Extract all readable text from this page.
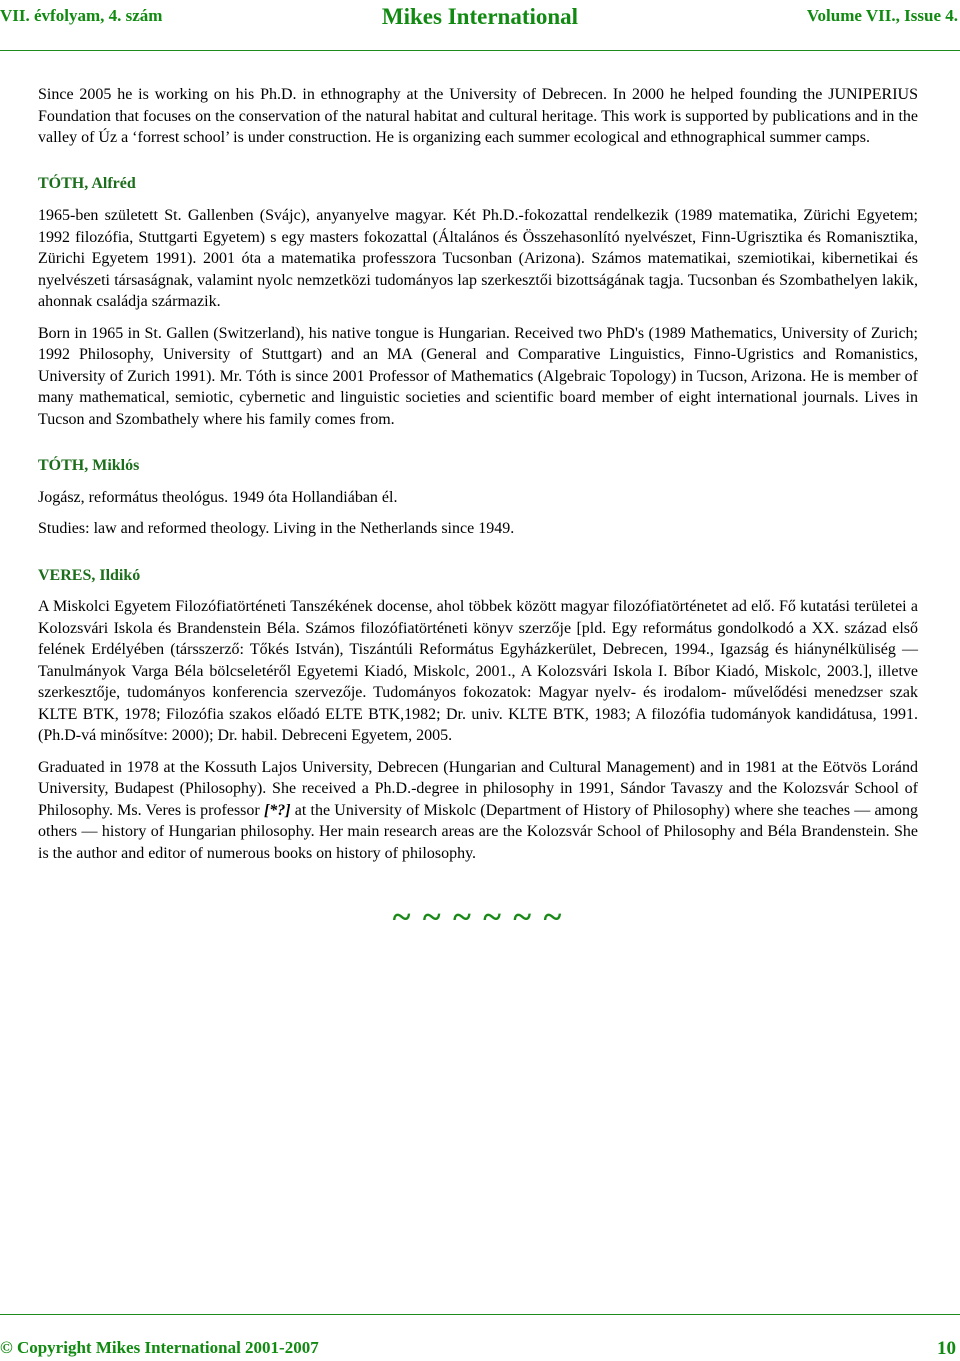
VII. évfolyam, 4. szám	Mikes International	Volume VII., Issue 4.

Since 2005 he is working on his Ph.D. in ethnography at the University of Debrecen. In 2000 he helped founding the JUNIPERIUS Foundation that focuses on the conservation of the natural habitat and cultural heritage. This work is supported by publications and in the valley of Úz a ‘forrest school’ is under construction. He is organizing each summer ecological and ethnographical summer camps.

TÓTH, Alfréd

1965-ben született St. Gallenben (Svájc), anyanyelve magyar. Két Ph.D.-fokozattal rendelkezik (1989 matematika, Zürichi Egyetem; 1992 filozófia, Stuttgarti Egyetem) s egy masters fokozattal (Általános és Összehasonlító nyelvészet, Finn-Ugrisztika és Romanisztika, Zürichi Egyetem 1991). 2001 óta a matematika professzora Tucsonban (Arizona). Számos matematikai, szemiotikai, kibernetikai és nyelvészeti társaságnak, valamint nyolc nemzetközi tudományos lap szerkesztői bizottságának tagja. Tucsonban és Szombathelyen lakik, ahonnak családja származik.

Born in 1965 in St. Gallen (Switzerland), his native tongue is Hungarian. Received two PhD's (1989 Mathematics, University of Zurich; 1992 Philosophy, University of Stuttgart) and an MA (General and Comparative Linguistics, Finno-Ugristics and Romanistics, University of Zurich 1991). Mr. Tóth is since 2001 Professor of Mathematics (Algebraic Topology) in Tucson, Arizona. He is member of many mathematical, semiotic, cybernetic and linguistic societies and scientific board member of eight international journals. Lives in Tucson and Szombathely where his family comes from.

TÓTH, Miklós

Jogász, református theológus. 1949 óta Hollandiában él.

Studies: law and reformed theology. Living in the Netherlands since 1949.

VERES, Ildikó

A Miskolci Egyetem Filozófiatörténeti Tanszékének docense, ahol többek között magyar filozófiatörténetet ad elő. Fő kutatási területei a Kolozsvári Iskola és Brandenstein Béla. Számos filozófiatörténeti könyv szerzője [pld. Egy református gondolkodó a XX. század első felének Erdélyében (társszerző: Tőkés István), Tiszántúli Református Egyházkerület, Debrecen, 1994., Igazság és hiánynélküliség — Tanulmányok Varga Béla bölcseletéről Egyetemi Kiadó, Miskolc, 2001., A Kolozsvári Iskola I. Bíbor Kiadó, Miskolc, 2003.], illetve szerkesztője, tudományos konferencia szervezője. Tudományos fokozatok: Magyar nyelv- és irodalom- művelődési menedzser szak KLTE BTK, 1978; Filozófia szakos előadó ELTE BTK,1982; Dr. univ. KLTE BTK, 1983; A filozófia tudományok kandidátusa, 1991. (Ph.D-vá minősítve: 2000); Dr. habil. Debreceni Egyetem, 2005.

Graduated in 1978 at the Kossuth Lajos University, Debrecen (Hungarian and Cultural Management) and in 1981 at the Eötvös Loránd University, Budapest (Philosophy). She received a Ph.D.-degree in philosophy in 1991, Sándor Tavaszy and the Kolozsvár School of Philosophy. Ms. Veres is professor [*?] at the University of Miskolc (Department of History of Philosophy) where she teaches — among others — history of Hungarian philosophy. Her main research areas are the Kolozsvár School of Philosophy and Béla Brandenstein. She is the author and editor of numerous books on history of philosophy.

~ ~ ~ ~ ~ ~
© Copyright Mikes International 2001-2007	10
